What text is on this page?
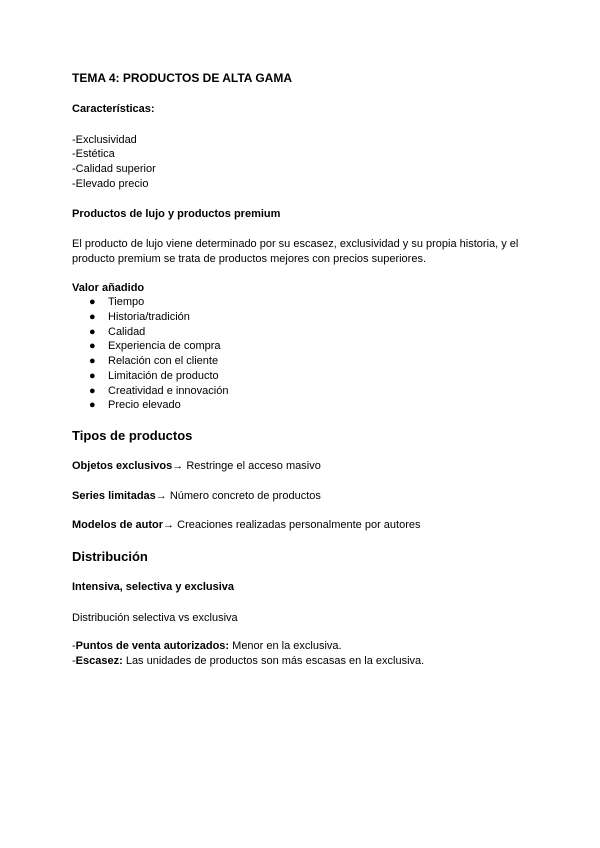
TEMA 4: PRODUCTOS DE ALTA GAMA
Características:
-Exclusividad
-Estética
-Calidad superior
-Elevado precio
Productos de lujo y productos premium

El producto de lujo viene determinado por su escasez, exclusividad y su propia historia, y el producto premium se trata de productos mejores con precios superiores.

Valor añadido
● Tiempo
● Historia/tradición
● Calidad
● Experiencia de compra
● Relación con el cliente
● Limitación de producto
● Creatividad e innovación
● Precio elevado
Tipos de productos
Objetos exclusivos→ Restringe el acceso masivo
Series limitadas→ Número concreto de productos
Modelos de autor→ Creaciones realizadas personalmente por autores
Distribución
Intensiva, selectiva y exclusiva

Distribución selectiva vs exclusiva

-Puntos de venta autorizados: Menor en la exclusiva.
-Escasez: Las unidades de productos son más escasas en la exclusiva.
